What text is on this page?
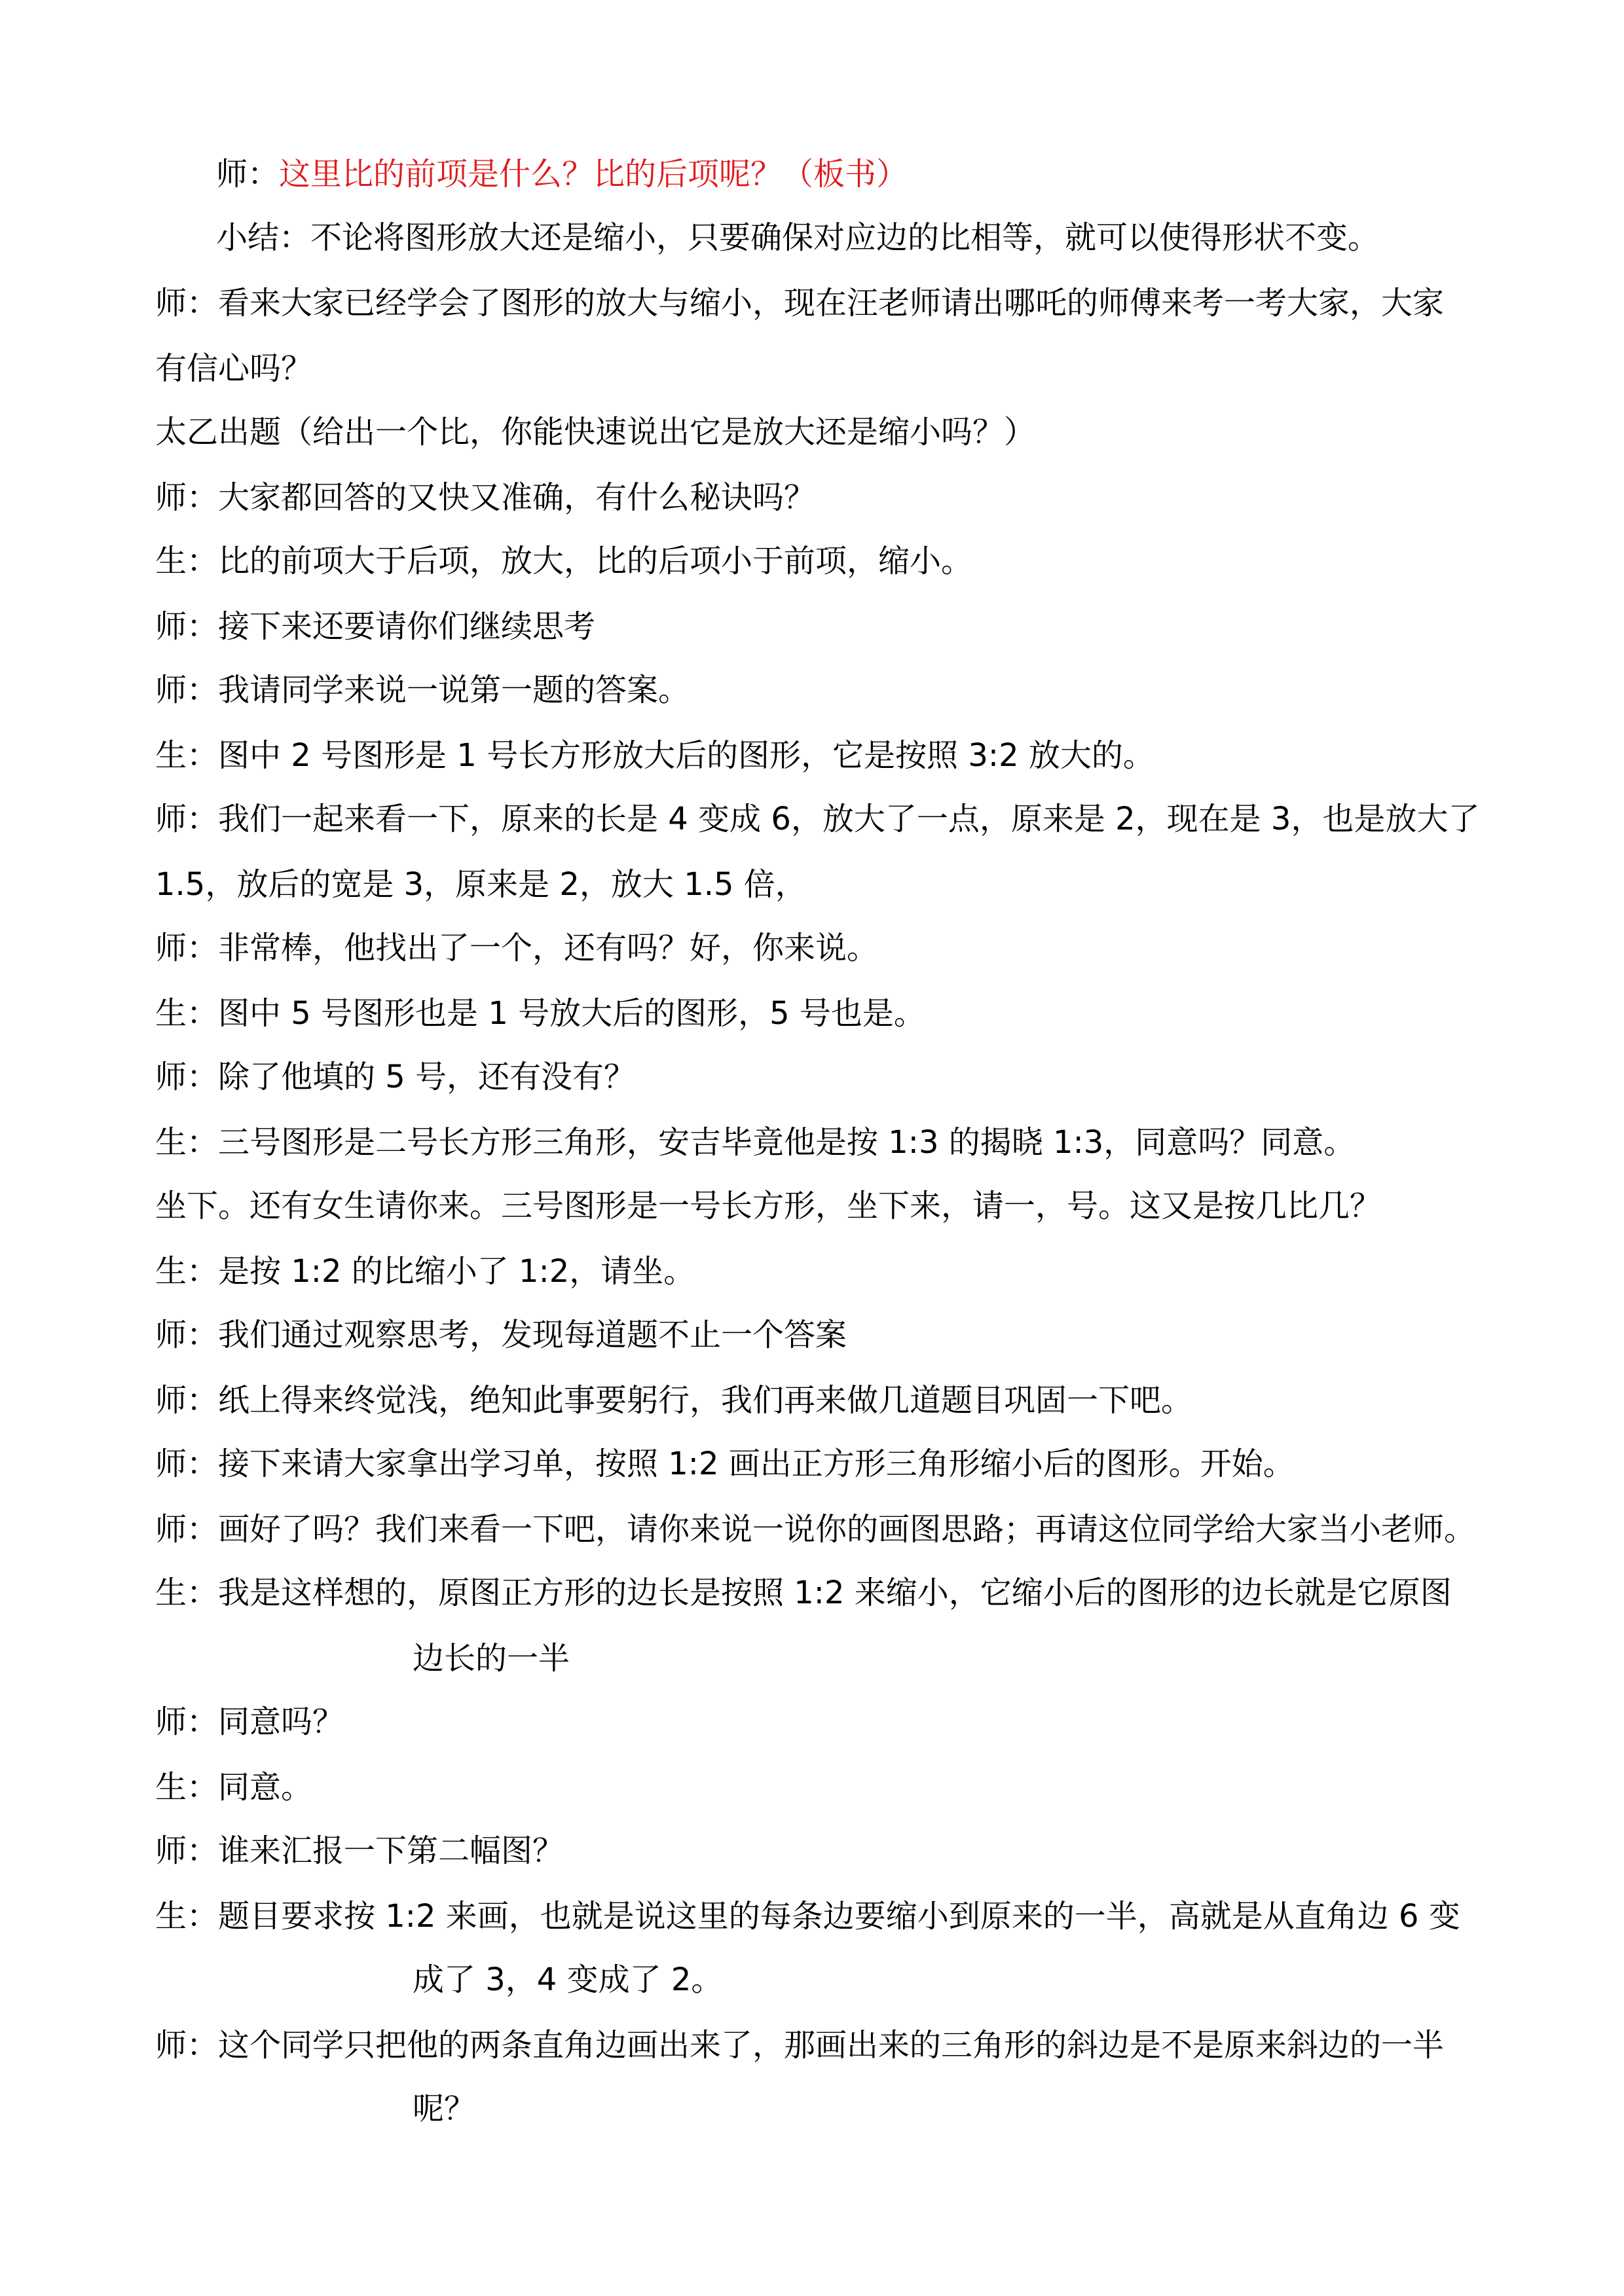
师：这里比的前项是什么？比的后项呢？（板书）

小结：不论将图形放大还是缩小，只要确保对应边的比相等，就可以使得形状不变。

师：看来大家已经学会了图形的放大与缩小，现在汪老师请出哪吒的师傅来考一考大家，大家

有信心吗？

太乙出题（给出一个比，你能快速说出它是放大还是缩小吗？）

师：大家都回答的又快又准确，有什么秘诀吗？

生：比的前项大于后项，放大，比的后项小于前项，缩小。

师：接下来还要请你们继续思考

师：我请同学来说一说第一题的答案。

生：图中 2 号图形是 1 号长方形放大后的图形，它是按照 3:2 放大的。

师：我们一起来看一下，原来的长是 4 变成 6，放大了一点，原来是 2，现在是 3，也是放大了

1.5，放后的宽是 3，原来是 2，放大 1.5 倍，

师：非常棒，他找出了一个，还有吗？好，你来说。

生：图中 5 号图形也是 1 号放大后的图形，5 号也是。

师：除了他填的 5 号，还有没有？

生：三号图形是二号长方形三角形，安吉毕竟他是按 1:3 的揭晓 1:3，同意吗？同意。

坐下。还有女生请你来。三号图形是一号长方形，坐下来，请一，号。这又是按几比几？

生：是按 1:2 的比缩小了 1:2，请坐。

师：我们通过观察思考，发现每道题不止一个答案

师：纸上得来终觉浅，绝知此事要躬行，我们再来做几道题目巩固一下吧。

师：接下来请大家拿出学习单，按照 1:2 画出正方形三角形缩小后的图形。开始。

师：画好了吗？我们来看一下吧，请你来说一说你的画图思路；再请这位同学给大家当小老师。

生：我是这样想的，原图正方形的边长是按照 1:2 来缩小，它缩小后的图形的边长就是它原图

边长的一半

师：同意吗？

生：同意。

师：谁来汇报一下第二幅图？

生：题目要求按 1:2 来画，也就是说这里的每条边要缩小到原来的一半，高就是从直角边 6 变

成了 3，4 变成了 2。

师：这个同学只把他的两条直角边画出来了，那画出来的三角形的斜边是不是原来斜边的一半

呢？
